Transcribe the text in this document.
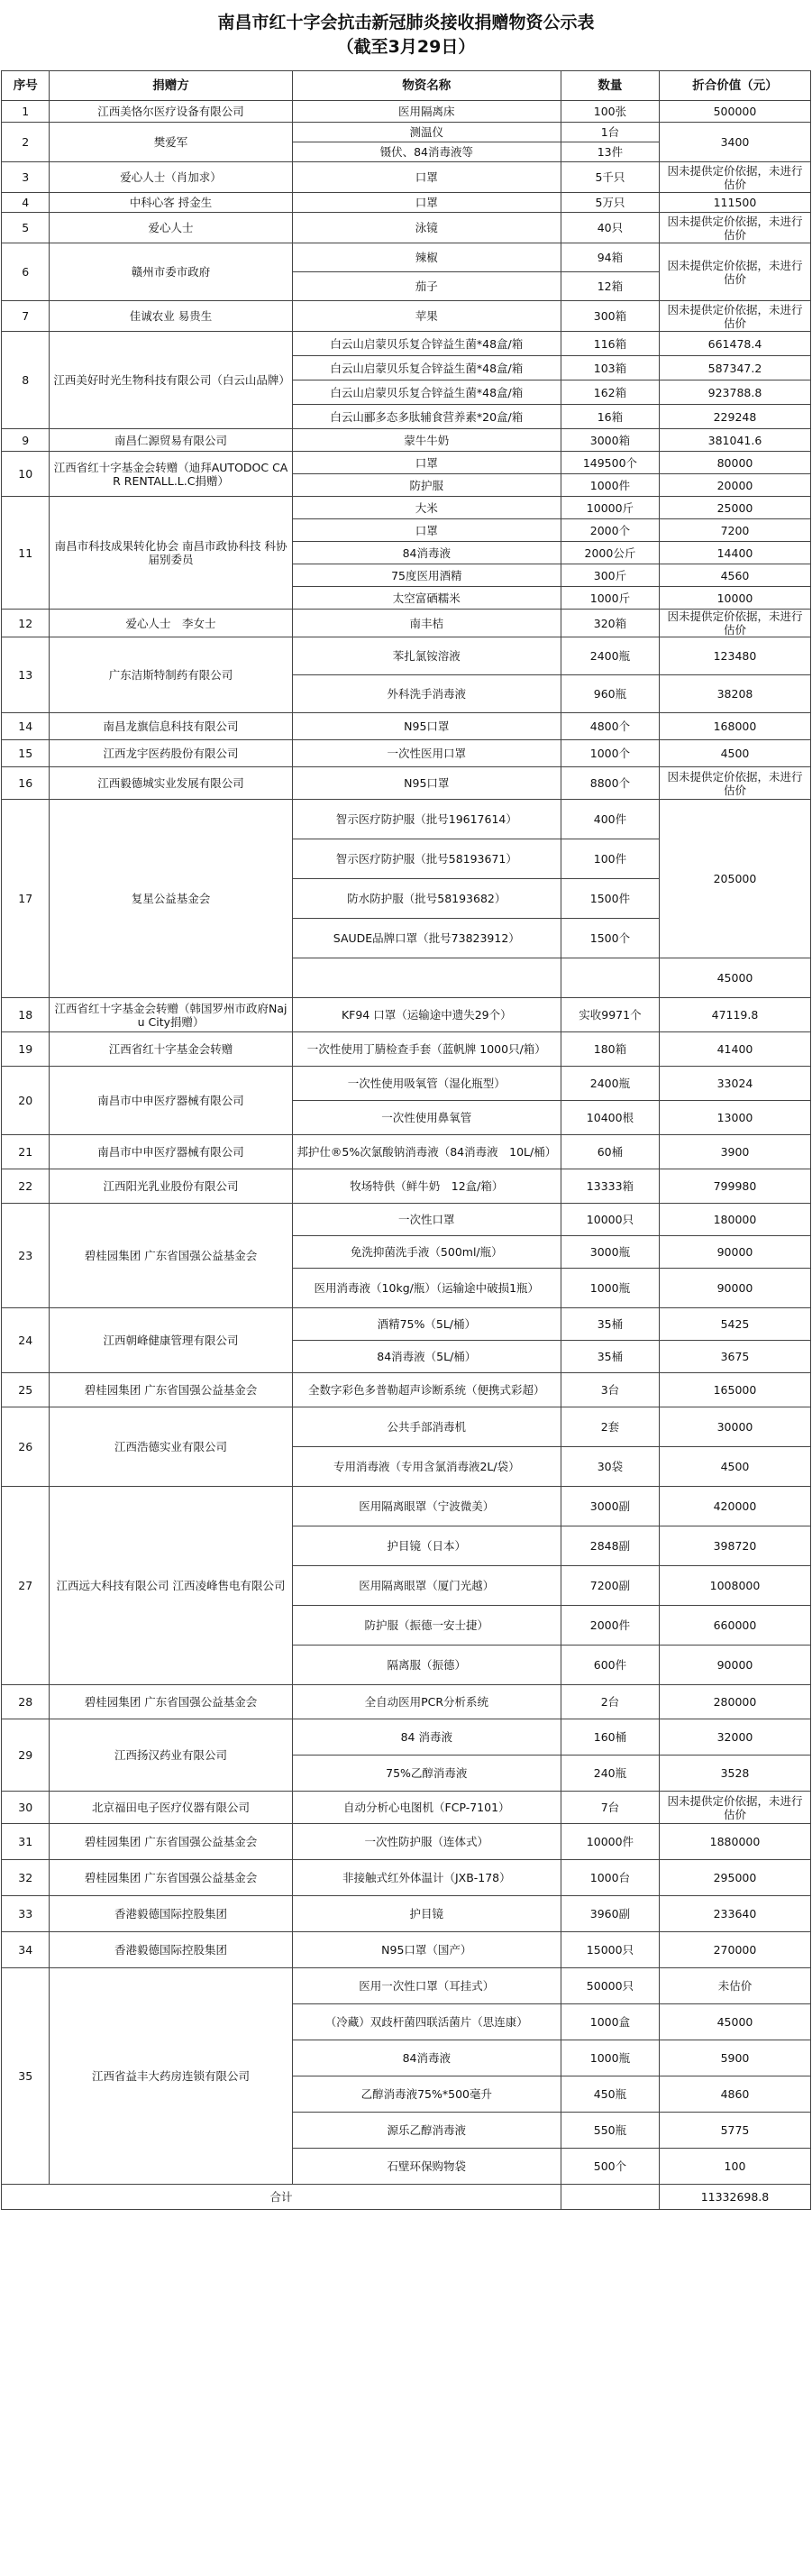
南昌市红十字会抗击新冠肺炎接收捐赠物资公示表
（截至3月29日）
序号	捐赠方	物资名称	数量	折合价值（元）
1	江西美恪尔医疗设备有限公司	医用隔离床	100张	500000
2	樊爱军	测温仪	1台	3400
		镊伏、84消毒液等	13件	
3	爱心人士（肖加求）	口罩	5千只	因未提供定价依据，未进行估价
4	中科心客 捋金生	口罩	5万只	111500
5	爱心人士	泳镜	40只	因未提供定价依据，未进行估价
6	赣州市委市政府	辣椒	94箱	因未提供定价依据，未进行估价
		茄子	12箱	
7	佳诚农业 易贵生	苹果	300箱	因未提供定价依据，未进行估价
8	江西美好时光生物科技有限公司（白云山品牌）	白云山启蒙贝乐复合锌益生菌*48盒/箱	116箱	661478.4
		白云山启蒙贝乐复合锌益生菌*48盒/箱	103箱	587347.2
		白云山启蒙贝乐复合锌益生菌*48盒/箱	162箱	923788.8
		白云山郦多态多肽辅食营养素*20盒/箱	16箱	229248
9	南昌仁源贸易有限公司	蒙牛牛奶	3000箱	381041.6
10	江西省红十字基金会转赠（迪拜AUTODOC CAR RENTALL.L.C捐赠）	口罩	149500个	80000
		防护服	1000件	20000
11	南昌市科技成果转化协会 南昌市政协科技 科协届别委员	大米	10000斤	25000
		口罩	2000个	7200
		84消毒液	2000公斤	14400
		75度医用酒精	300斤	4560
		太空富硒糯米	1000斤	10000
12	爱心人士　李女士	南丰桔	320箱	因未提供定价依据，未进行估价
13	广东洁斯特制药有限公司	苯扎氯铵溶液	2400瓶	123480
		外科洗手消毒液	960瓶	38208
14	南昌龙旗信息科技有限公司	N95口罩	4800个	168000
15	江西龙宇医药股份有限公司	一次性医用口罩	1000个	4500
16	江西毅德城实业发展有限公司	N95口罩	8800个	因未提供定价依据，未进行估价
17	复星公益基金会	智示医疗防护服（批号19617614）	400件	205000
		智示医疗防护服（批号58193671）	100件	
		防水防护服（批号58193682）	1500件	
		SAUDE品牌口罩（批号73823912）	1500个	
				45000
18	江西省红十字基金会转赠（韩国罗州市政府Naju City捐赠）	KF94 口罩（运输途中遗失29个）	实收9971个	47119.8
19	江西省红十字基金会转赠	一次性使用丁腈检查手套（蓝帆牌 1000只/箱）	180箱	41400
20	南昌市中申医疗器械有限公司	一次性使用吸氧管（湿化瓶型）	2400瓶	33024
		一次性使用鼻氧管	10400根	13000
21	南昌市中申医疗器械有限公司	邦护仕®5%次氯酸钠消毒液（84消毒液　10L/桶）	60桶	3900
22	江西阳光乳业股份有限公司	牧场特供（鲜牛奶　12盒/箱）	13333箱	799980
23	碧桂园集团 广东省国强公益基金会	一次性口罩	10000只	180000
		免洗抑菌洗手液（500ml/瓶）	3000瓶	90000
		医用消毒液（10kg/瓶）（运输途中破损1瓶）	1000瓶	90000
24	江西朝峰健康管理有限公司	酒精75%（5L/桶）	35桶	5425
		84消毒液（5L/桶）	35桶	3675
25	碧桂园集团 广东省国强公益基金会	全数字彩色多普勒超声诊断系统（便携式彩超）	3台	165000
26	江西浩德实业有限公司	公共手部消毒机	2套	30000
		专用消毒液（专用含氯消毒液2L/袋）	30袋	4500
27	江西远大科技有限公司 江西凌峰售电有限公司	医用隔离眼罩（宁波微美）	3000副	420000
		护目镜（日本）	2848副	398720
		医用隔离眼罩（厦门光越）	7200副	1008000
		防护服（振德一安士捷）	2000件	660000
		隔离服（振德）	600件	90000
28	碧桂园集团 广东省国强公益基金会	全自动医用PCR分析系统	2台	280000
29	江西扬汉药业有限公司	84 消毒液	160桶	32000
		75%乙醇消毒液	240瓶	3528
30	北京福田电子医疗仪器有限公司	自动分析心电图机（FCP-7101）	7台	因未提供定价依据，未进行估价
31	碧桂园集团 广东省国强公益基金会	一次性防护服（连体式）	10000件	1880000
32	碧桂园集团 广东省国强公益基金会	非接触式红外体温计（JXB-178）	1000台	295000
33	香港毅德国际控股集团	护目镜	3960副	233640
34	香港毅德国际控股集团	N95口罩（国产）	15000只	270000
35	江西省益丰大药房连锁有限公司	医用一次性口罩（耳挂式）	50000只	未估价
		（冷藏）双歧杆菌四联活菌片（思连康）	1000盒	45000
		84消毒液	1000瓶	5900
		乙醇消毒液75%*500毫升	450瓶	4860
		源乐乙醇消毒液	550瓶	5775
		石壁环保购物袋	500个	100
合计				11332698.8
